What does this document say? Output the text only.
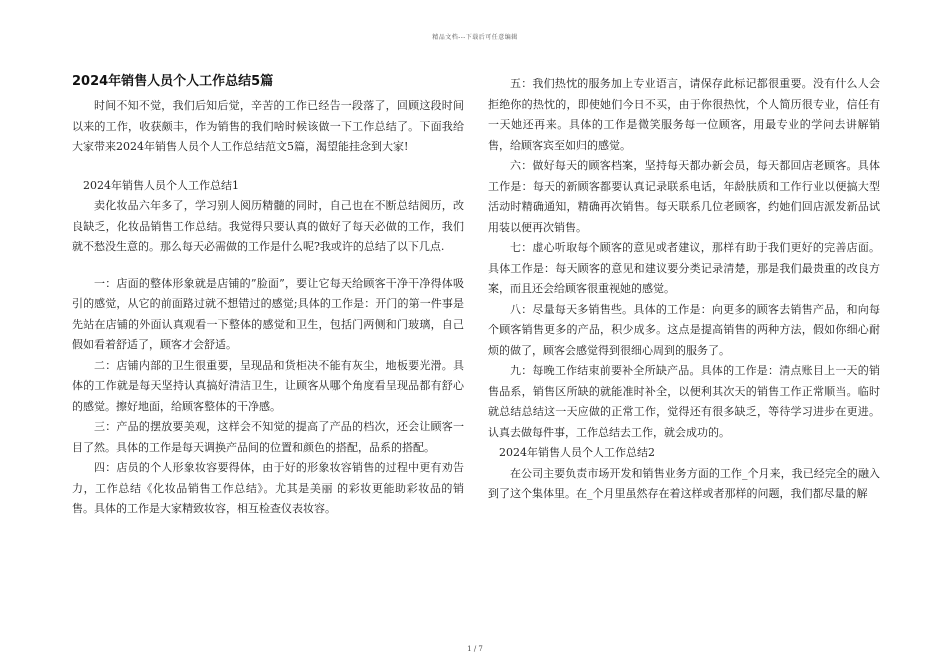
精品文档---下载后可任意编辑
2024年销售人员个人工作总结5篇

时间不知不觉，我们后知后觉，辛苦的工作已经告一段落了，回顾这段时间以来的工作，收获颇丰，作为销售的我们啥时候该做一下工作总结了。下面我给大家带来2024年销售人员个人工作总结范文5篇，渴望能挂念到大家!

2024年销售人员个人工作总结1

卖化妆品六年多了，学习别人阅历精髓的同时，自己也在不断总结阅历，改良缺乏，化妆品销售工作总结。我觉得只要认真的做好了每天必做的工作，我们就不愁没生意的。那么每天必需做的工作是什么呢?我或许的总结了以下几点.

一：店面的整体形象就是店铺的”脸面”，要让它每天给顾客干净干净得体吸引的感觉，从它的前面路过就不想错过的感觉;具体的工作是：开门的第一件事是先站在店铺的外面认真观看一下整体的感觉和卫生，包括门两侧和门玻璃，自己假如看着舒适了，顾客才会舒适。

二：店铺内部的卫生很重要，呈现品和货柜决不能有灰尘，地板要光滑。具体的工作就是每天坚持认真搞好清洁卫生，让顾客从哪个角度看呈现品都有舒心的感觉。擦好地面，给顾客整体的干净感。

三：产品的摆放要美观，这样会不知觉的提高了产品的档次，还会让顾客一目了然。具体的工作是每天调换产品间的位置和颜色的搭配，品系的搭配。

四：店员的个人形象妆容要得体，由于好的形象妆容销售的过程中更有劝告力，工作总结《化妆品销售工作总结》。尤其是美丽 的彩妆更能助彩妆品的销售。具体的工作是大家精致妆容，相互检查仪表妆容。

五：我们热忱的服务加上专业语言，请保存此标记都很重要。没有什么人会拒绝你的热忱的，即使她们今日不买，由于你很热忱，个人简历很专业，信任有一天她还再来。具体的工作是微笑服务每一位顾客，用最专业的学问去讲解销售，给顾客宾至如归的感觉。

六：做好每天的顾客档案，坚持每天都办新会员，每天都回店老顾客。具体工作是：每天的新顾客都要认真记录联系电话，年龄肤质和工作行业以便搞大型活动时精确通知，精确再次销售。每天联系几位老顾客，约她们回店派发新品试用装以便再次销售。

七：虚心听取每个顾客的意见或者建议，那样有助于我们更好的完善店面。具体工作是：每天顾客的意见和建议要分类记录清楚，那是我们最贵重的改良方案，而且还会给顾客很重视她的感觉。

八：尽量每天多销售些。具体的工作是：向更多的顾客去销售产品，和向每个顾客销售更多的产品，积少成多。这点是提高销售的两种方法，假如你细心耐烦的做了，顾客会感觉得到很细心周到的服务了。

九：每晚工作结束前要补全所缺产品。具体的工作是：清点账目上一天的销售品系，销售区所缺的就能准时补全，以便利其次天的销售工作正常顺当。临时就总结总结这一天应做的正常工作，觉得还有很多缺乏，等待学习进步在更进。认真去做每件事，工作总结去工作，就会成功的。

2024年销售人员个人工作总结2

在公司主要负责市场开发和销售业务方面的工作_个月来，我已经完全的融入到了这个集体里。在_个月里虽然存在着这样或者那样的问题，我们都尽量的解

1 / 7
